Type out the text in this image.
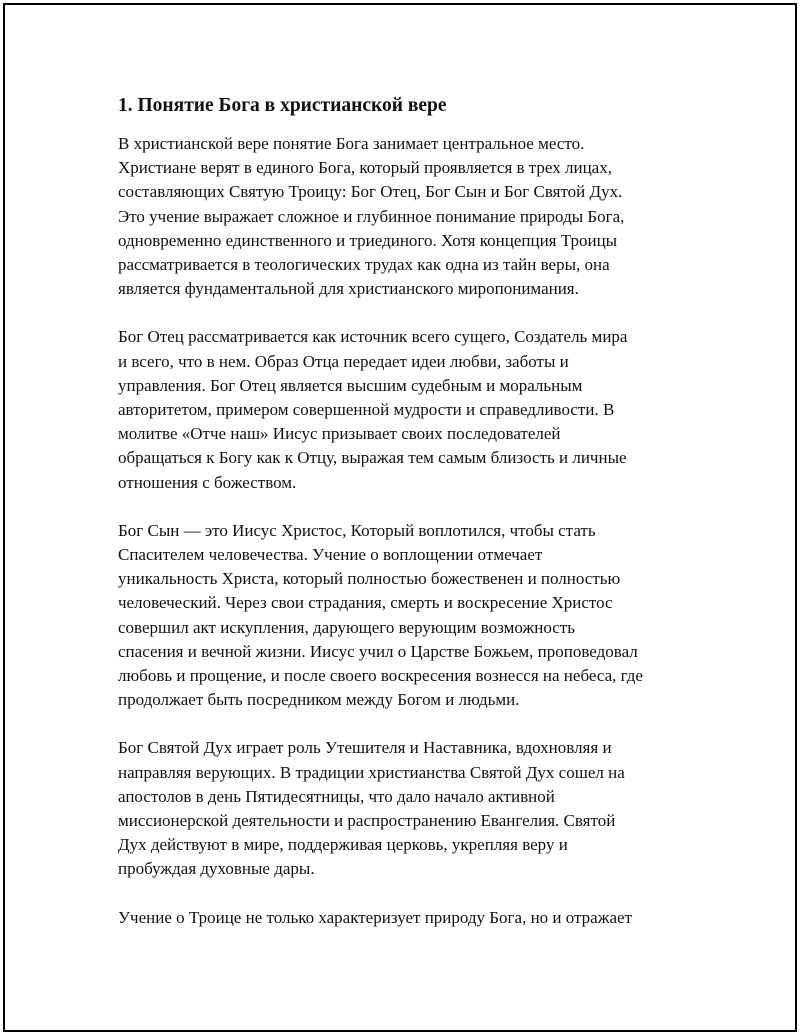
1. Понятие Бога в христианской вере

В христианской вере понятие Бога занимает центральное место.
Христиане верят в единого Бога, который проявляется в трех лицах,
составляющих Святую Троицу: Бог Отец, Бог Сын и Бог Святой Дух.
Это учение выражает сложное и глубинное понимание природы Бога,
одновременно единственного и триединого. Хотя концепция Троицы
рассматривается в теологических трудах как одна из тайн веры, она
является фундаментальной для христианского миропонимания.

Бог Отец рассматривается как источник всего сущего, Создатель мира
и всего, что в нем. Образ Отца передает идеи любви, заботы и
управления. Бог Отец является высшим судебным и моральным
авторитетом, примером совершенной мудрости и справедливости. В
молитве «Отче наш» Иисус призывает своих последователей
обращаться к Богу как к Отцу, выражая тем самым близость и личные
отношения с божеством.

Бог Сын — это Иисус Христос, Который воплотился, чтобы стать
Спасителем человечества. Учение о воплощении отмечает
уникальность Христа, который полностью божественен и полностью
человеческий. Через свои страдания, смерть и воскресение Христос
совершил акт искупления, дарующего верующим возможность
спасения и вечной жизни. Иисус учил о Царстве Божьем, проповедовал
любовь и прощение, и после своего воскресения вознесся на небеса, где
продолжает быть посредником между Богом и людьми.

Бог Святой Дух играет роль Утешителя и Наставника, вдохновляя и
направляя верующих. В традиции христианства Святой Дух сошел на
апостолов в день Пятидесятницы, что дало начало активной
миссионерской деятельности и распространению Евангелия. Святой
Дух действуют в мире, поддерживая церковь, укрепляя веру и
пробуждая духовные дары.

Учение о Троице не только характеризует природу Бога, но и отражает
